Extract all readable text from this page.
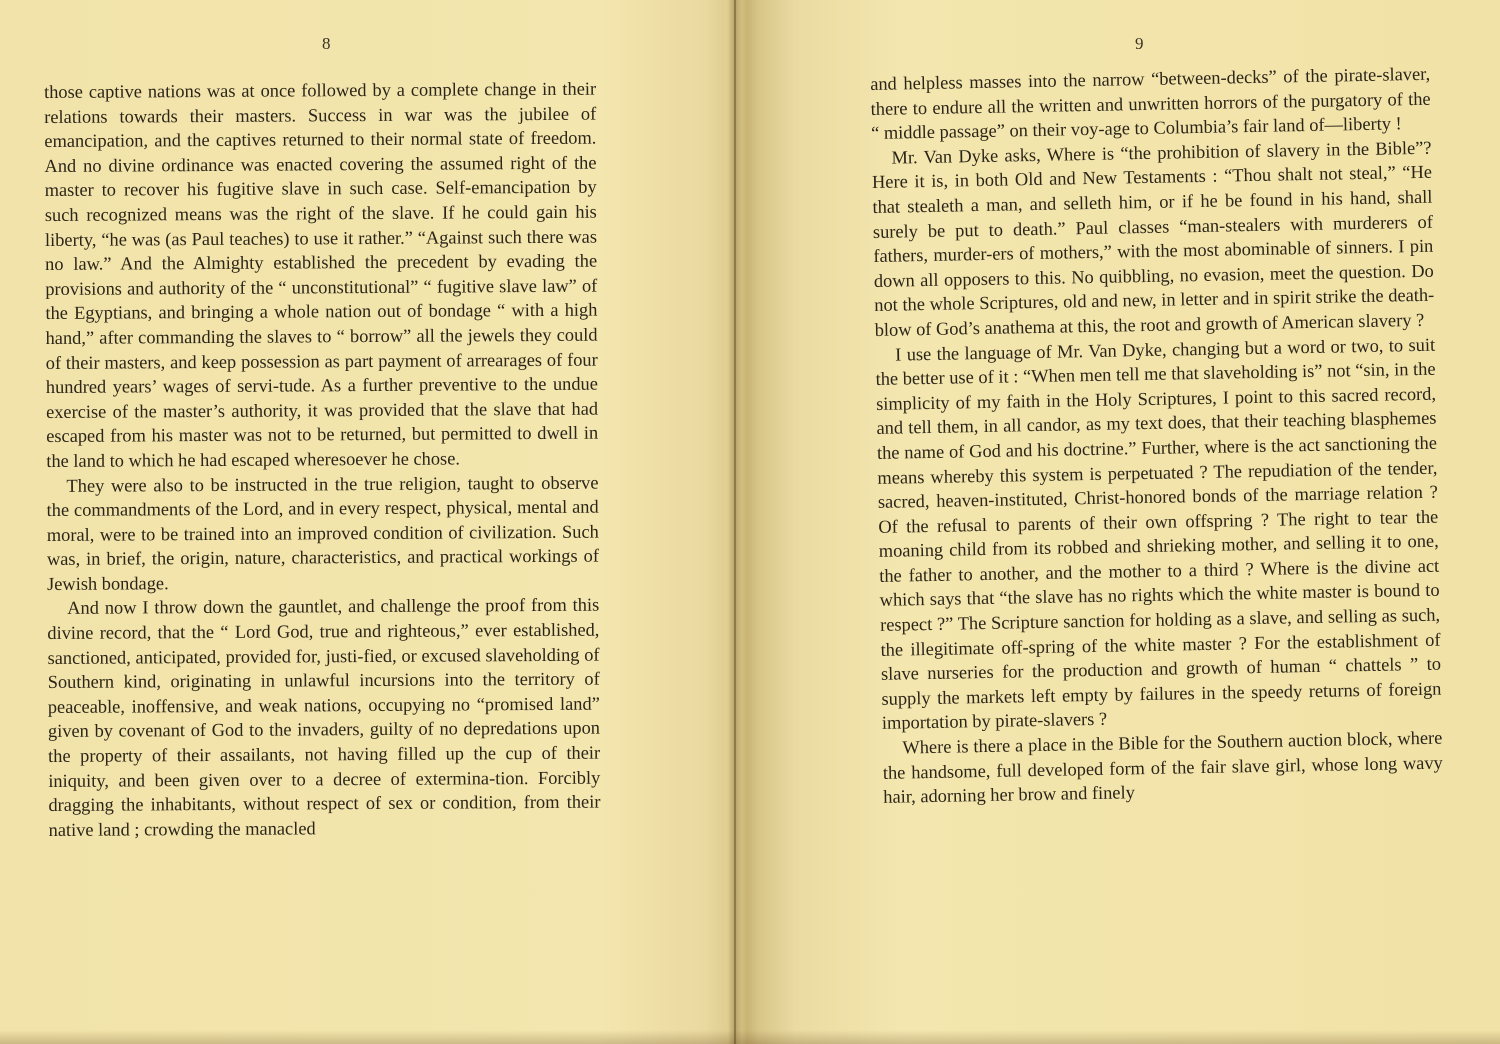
8

those captive nations was at once followed by a complete change in their relations towards their masters. Success in war was the jubilee of emancipation, and the captives returned to their normal state of freedom. And no divine ordinance was enacted covering the assumed right of the master to recover his fugitive slave in such case. Self-emancipation by such recognized means was the right of the slave. If he could gain his liberty, “he was (as Paul teaches) to use it rather.” “Against such there was no law.” And the Almighty established the precedent by evading the provisions and authority of the “ unconstitutional” “ fugitive slave law” of the Egyptians, and bringing a whole nation out of bondage “ with a high hand,” after commanding the slaves to “ borrow” all the jewels they could of their masters, and keep possession as part payment of arrearages of four hundred years’ wages of servi-tude. As a further preventive to the undue exercise of the master’s authority, it was provided that the slave that had escaped from his master was not to be returned, but permitted to dwell in the land to which he had escaped wheresoever he chose.

They were also to be instructed in the true religion, taught to observe the commandments of the Lord, and in every respect, physical, mental and moral, were to be trained into an improved condition of civilization. Such was, in brief, the origin, nature, characteristics, and practical workings of Jewish bondage.

And now I throw down the gauntlet, and challenge the proof from this divine record, that the “ Lord God, true and righteous,” ever established, sanctioned, anticipated, provided for, justi-fied, or excused slaveholding of Southern kind, originating in unlawful incursions into the territory of peaceable, inoffensive, and weak nations, occupying no “promised land” given by covenant of God to the invaders, guilty of no depredations upon the property of their assailants, not having filled up the cup of their iniquity, and been given over to a decree of extermina-tion. Forcibly dragging the inhabitants, without respect of sex or condition, from their native land ; crowding the manacled

9

and helpless masses into the narrow “between-decks” of the pirate-slaver, there to endure all the written and unwritten horrors of the purgatory of the “ middle passage” on their voy-age to Columbia’s fair land of—liberty !

Mr. Van Dyke asks, Where is “the prohibition of slavery in the Bible”? Here it is, in both Old and New Testaments : “Thou shalt not steal,” “He that stealeth a man, and selleth him, or if he be found in his hand, shall surely be put to death.” Paul classes “man-stealers with murderers of fathers, murder-ers of mothers,” with the most abominable of sinners. I pin down all opposers to this. No quibbling, no evasion, meet the question. Do not the whole Scriptures, old and new, in letter and in spirit strike the death-blow of God’s anathema at this, the root and growth of American slavery ?

I use the language of Mr. Van Dyke, changing but a word or two, to suit the better use of it : “When men tell me that slaveholding is” not “sin, in the simplicity of my faith in the Holy Scriptures, I point to this sacred record, and tell them, in all candor, as my text does, that their teaching blasphemes the name of God and his doctrine.” Further, where is the act sanctioning the means whereby this system is perpetuated ? The repudiation of the tender, sacred, heaven-instituted, Christ-honored bonds of the marriage relation ? Of the refusal to parents of their own offspring ? The right to tear the moaning child from its robbed and shrieking mother, and selling it to one, the father to another, and the mother to a third ? Where is the divine act which says that “the slave has no rights which the white master is bound to respect ?” The Scripture sanction for holding as a slave, and selling as such, the illegitimate off-spring of the white master ? For the establishment of slave nurseries for the production and growth of human “ chattels ” to supply the markets left empty by failures in the speedy returns of foreign importation by pirate-slavers ?

Where is there a place in the Bible for the Southern auction block, where the handsome, full developed form of the fair slave girl, whose long wavy hair, adorning her brow and finely
